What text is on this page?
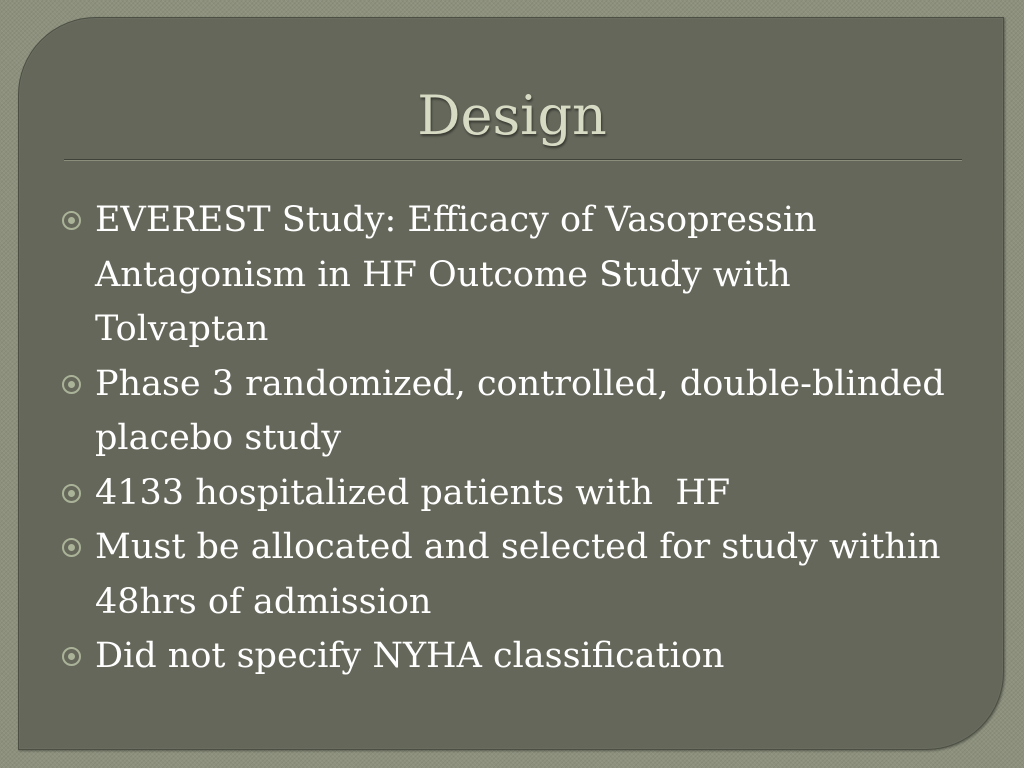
Design
EVEREST Study: Efficacy of Vasopressin Antagonism in HF Outcome Study with Tolvaptan
Phase 3 randomized, controlled, double-blinded placebo study
4133 hospitalized patients with  HF
Must be allocated and selected for study within 48hrs of admission
Did not specify NYHA classification
